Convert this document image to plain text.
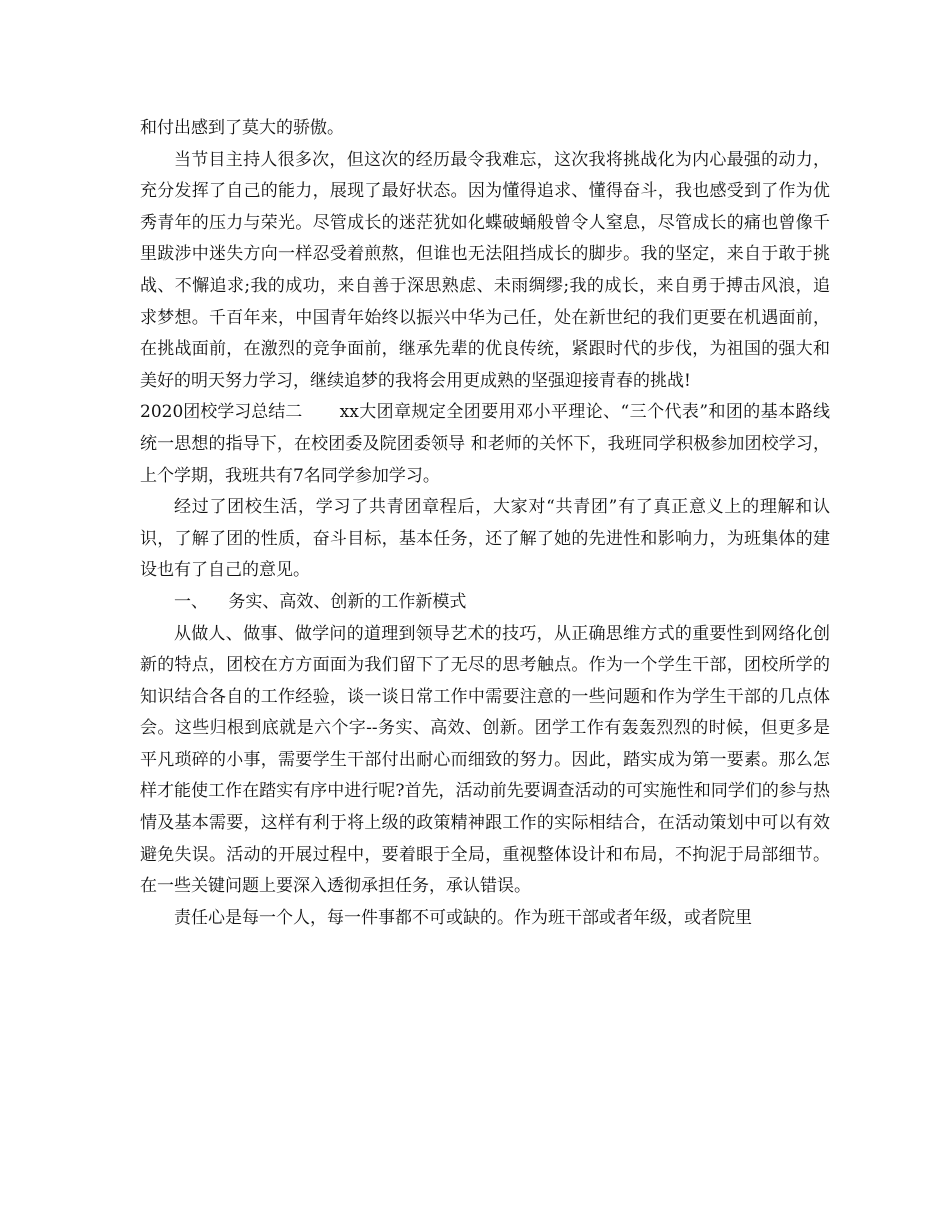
和付出感到了莫大的骄傲。

当节目主持人很多次，但这次的经历最令我难忘，这次我将挑战化为内心最强的动力，充分发挥了自己的能力，展现了最好状态。因为懂得追求、懂得奋斗，我也感受到了作为优秀青年的压力与荣光。尽管成长的迷茫犹如化蝶破蛹般曾令人窒息，尽管成长的痛也曾像千里跋涉中迷失方向一样忍受着煎熬，但谁也无法阻挡成长的脚步。我的坚定，来自于敢于挑战、不懈追求;我的成功，来自善于深思熟虑、未雨绸缪;我的成长，来自勇于搏击风浪，追求梦想。千百年来，中国青年始终以振兴中华为己任，处在新世纪的我们更要在机遇面前，在挑战面前，在激烈的竞争面前，继承先辈的优良传统，紧跟时代的步伐，为祖国的强大和美好的明天努力学习，继续追梦的我将会用更成熟的坚强迎接青春的挑战!

2020团校学习总结二 xx大团章规定全团要用邓小平理论、“三个代表”和团的基本路线统一思想的指导下，在校团委及院团委领导 和老师的关怀下，我班同学积极参加团校学习，上个学期，我班共有7名同学参加学习。

经过了团校生活，学习了共青团章程后，大家对“共青团”有了真正意义上的理解和认识，了解了团的性质，奋斗目标，基本任务，还了解了她的先进性和影响力，为班集体的建设也有了自己的意见。

一、 务实、高效、创新的工作新模式

从做人、做事、做学问的道理到领导艺术的技巧，从正确思维方式的重要性到网络化创新的特点，团校在方方面面为我们留下了无尽的思考触点。作为一个学生干部，团校所学的知识结合各自的工作经验，谈一谈日常工作中需要注意的一些问题和作为学生干部的几点体会。这些归根到底就是六个字--务实、高效、创新。团学工作有轰轰烈烈的时候，但更多是平凡琐碎的小事，需要学生干部付出耐心而细致的努力。因此，踏实成为第一要素。那么怎样才能使工作在踏实有序中进行呢?首先，活动前先要调查活动的可实施性和同学们的参与热情及基本需要，这样有利于将上级的政策精神跟工作的实际相结合，在活动策划中可以有效避免失误。活动的开展过程中，要着眼于全局，重视整体设计和布局，不拘泥于局部细节。在一些关键问题上要深入透彻承担任务，承认错误。

责任心是每一个人，每一件事都不可或缺的。作为班干部或者年级，或者院里
